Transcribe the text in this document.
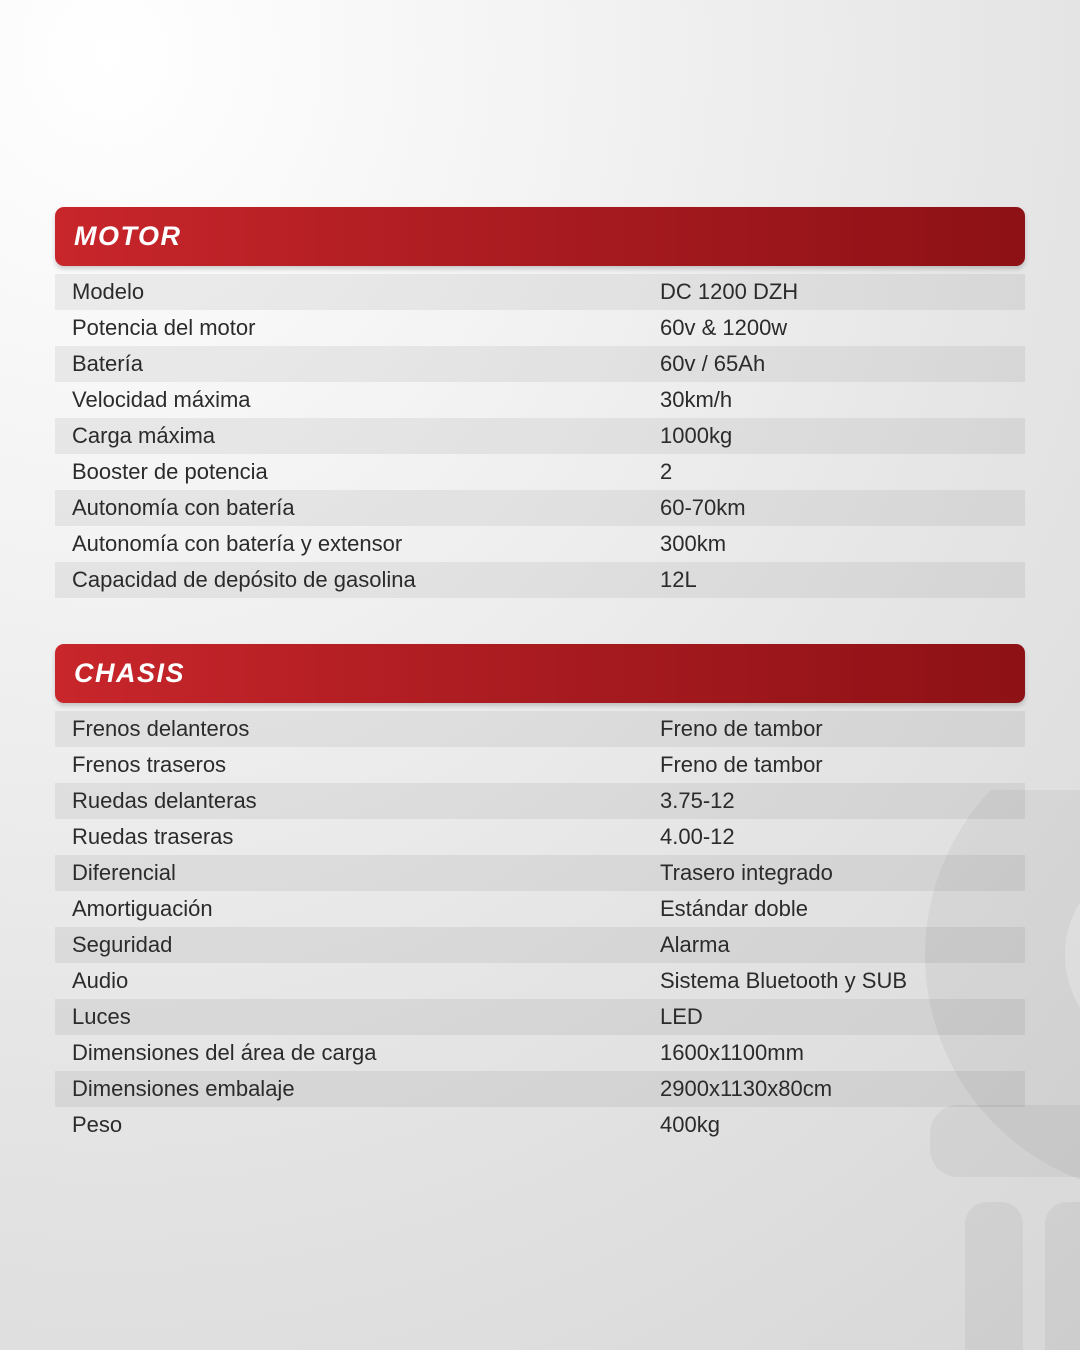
MOTOR
Modelo	DC 1200 DZH
Potencia del motor	60v & 1200w
Batería	60v / 65Ah
Velocidad máxima	30km/h
Carga máxima	1000kg
Booster de potencia	2
Autonomía con batería	60-70km
Autonomía con batería y extensor	300km
Capacidad de depósito de gasolina	12L
CHASIS
Frenos delanteros	Freno de tambor
Frenos traseros	Freno de tambor
Ruedas delanteras	3.75-12
Ruedas traseras	4.00-12
Diferencial	Trasero integrado
Amortiguación	Estándar doble
Seguridad	Alarma
Audio	Sistema Bluetooth y SUB
Luces	LED
Dimensiones del área de carga	1600x1100mm
Dimensiones embalaje	2900x1130x80cm
Peso	400kg
